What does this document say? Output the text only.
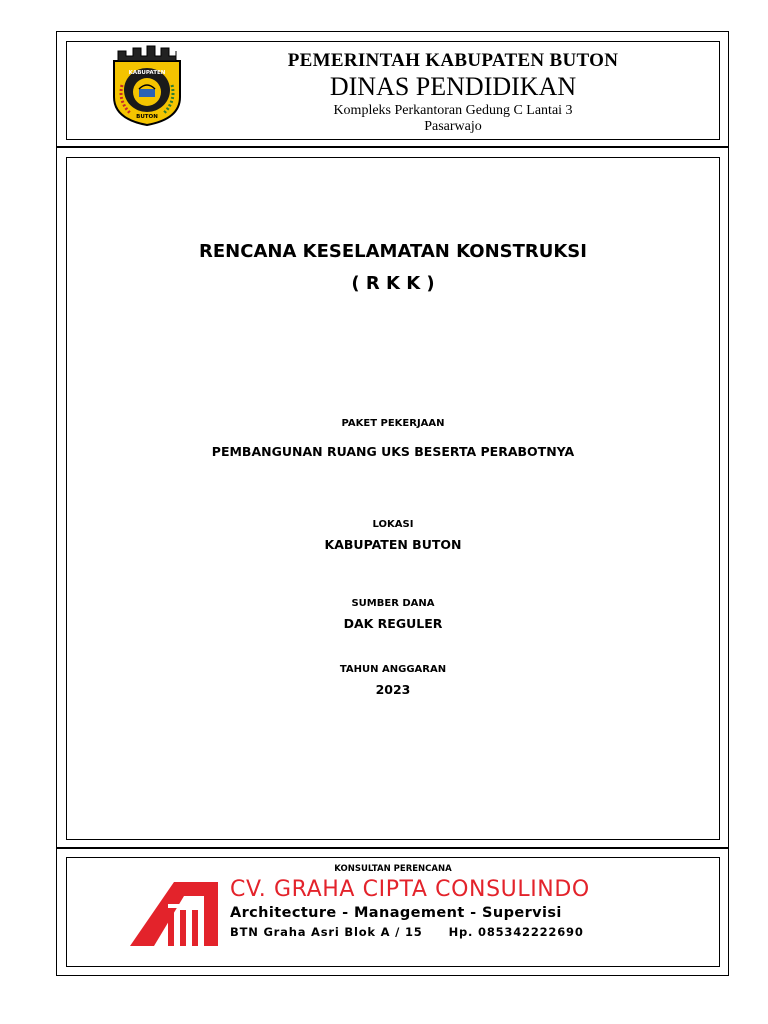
KABUPATEN
BUTON
PEMERINTAH KABUPATEN BUTON
DINAS PENDIDIKAN
Kompleks Perkantoran Gedung C Lantai 3
Pasarwajo
RENCANA KESELAMATAN KONSTRUKSI
( R K K )
PAKET PEKERJAAN
PEMBANGUNAN RUANG UKS BESERTA PERABOTNYA
LOKASI
KABUPATEN BUTON
SUMBER DANA
DAK REGULER
TAHUN ANGGARAN
2023
KONSULTAN PERENCANA
CV. GRAHA CIPTA CONSULINDO
Architecture - Management - Supervisi
BTN Graha Asri Blok A / 15 Hp. 085342222690
